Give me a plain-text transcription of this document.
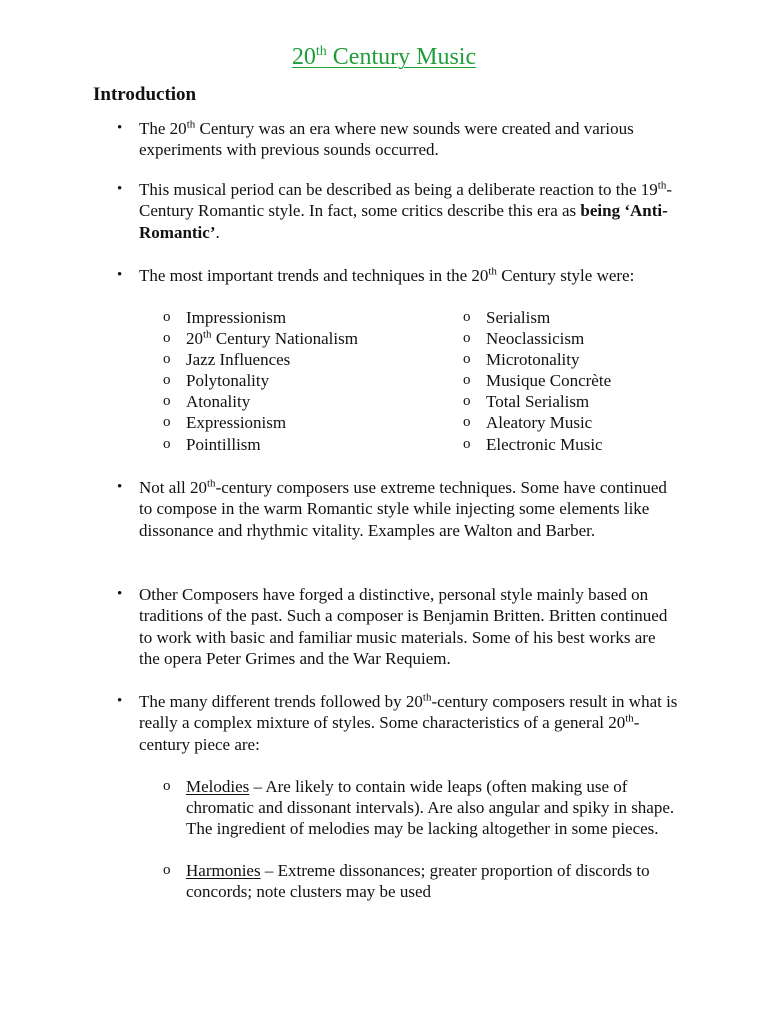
20th Century Music
Introduction
• The 20th Century was an era where new sounds were created and various experiments with previous sounds occurred.
• This musical period can be described as being a deliberate reaction to the 19th-Century Romantic style. In fact, some critics describe this era as being ‘Anti-Romantic’.
• The most important trends and techniques in the 20th Century style were:
o Impressionism
o 20th Century Nationalism
o Jazz Influences
o Polytonality
o Atonality
o Expressionism
o Pointillism
o Serialism
o Neoclassicism
o Microtonality
o Musique Concrète
o Total Serialism
o Aleatory Music
o Electronic Music
• Not all 20th-century composers use extreme techniques. Some have continued to compose in the warm Romantic style while injecting some elements like dissonance and rhythmic vitality. Examples are Walton and Barber.
• Other Composers have forged a distinctive, personal style mainly based on traditions of the past. Such a composer is Benjamin Britten. Britten continued to work with basic and familiar music materials. Some of his best works are the opera Peter Grimes and the War Requiem.
• The many different trends followed by 20th-century composers result in what is really a complex mixture of styles. Some characteristics of a general 20th-century piece are:
o Melodies – Are likely to contain wide leaps (often making use of chromatic and dissonant intervals). Are also angular and spiky in shape. The ingredient of melodies may be lacking altogether in some pieces.
o Harmonies – Extreme dissonances; greater proportion of discords to concords; note clusters may be used
